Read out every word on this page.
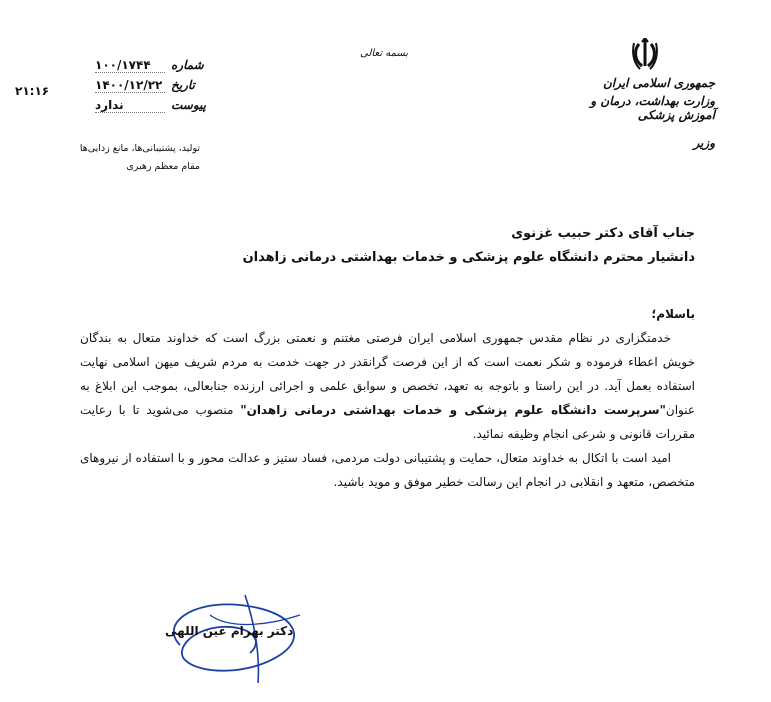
۲۱:۱۶
شماره
۱۰۰/۱۷۴۴
تاریخ
۱۴۰۰/۱۲/۲۲
پیوست
ندارد
تولید، پشتیبانی‌ها، مانع زدایی‌ها
مقام معظم رهبری
بسمه تعالی
جمهوری اسلامی ایران
وزارت بهداشت، درمان و آموزش پزشکی
وزیر
جناب آقای دکتر حبیب غزنوی
دانشیار محترم دانشگاه علوم پزشکی و خدمات بهداشتی درمانی زاهدان

باسلام؛

خدمتگزاری در نظام مقدس جمهوری اسلامی ایران فرصتی مغتنم و نعمتی بزرگ است که خداوند متعال به بندگان خویش اعطاء فرموده و شکر نعمت است که از این فرصت گرانقدر در جهت خدمت به مردم شریف میهن اسلامی نهایت استفاده بعمل آید. در این راستا و باتوجه به تعهد، تخصص و سوابق علمی و اجرائی ارزنده جنابعالی، بموجب این ابلاغ به عنوان"سرپرست دانشگاه علوم پزشکی و خدمات بهداشتی درمانی زاهدان" منصوب می‌شوید تا با رعایت مقررات قانونی و شرعی انجام وظیفه نمائید.

امید است با اتکال به خداوند متعال، حمایت و پشتیبانی دولت مردمی، فساد ستیز و عدالت محور و با استفاده از نیروهای متخصص، متعهد و انقلابی در انجام این رسالت خطیر موفق و موید باشید.

دکتر بهرام عین اللهی
